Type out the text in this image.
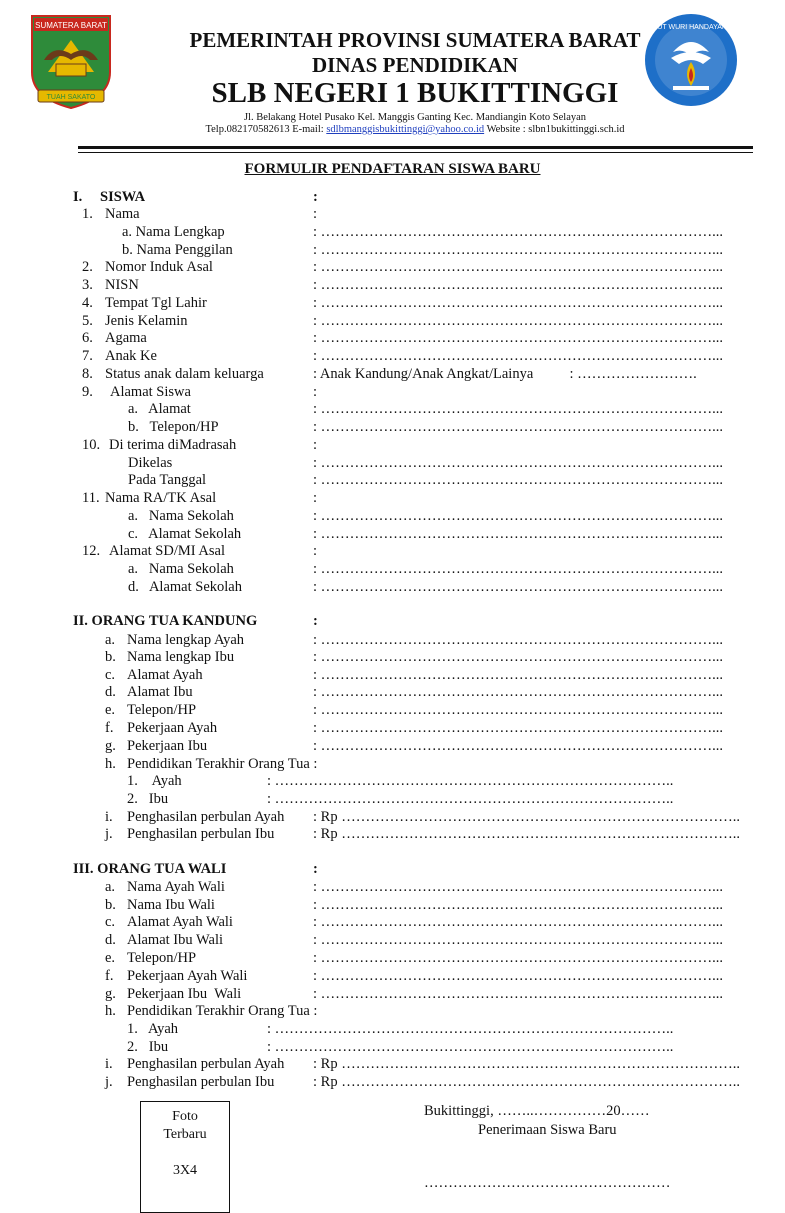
SUMATERA BARAT
TUAH SAKATO
TUT WURI HANDAYANI
PEMERINTAH PROVINSI SUMATERA BARAT
DINAS PENDIDIKAN
SLB NEGERI 1 BUKITTINGGI
Jl. Belakang Hotel Pusako Kel. Manggis Ganting Kec. Mandiangin Koto Selayan
Telp.082170582613 E-mail: sdlbmanggisbukittinggi@yahoo.co.id Website : slbn1bukittinggi.sch.id
FORMULIR PENDAFTARAN SISWA BARU
I. SISWA	:
1. Nama	:
a. Nama Lengkap	: ………………………………………………………………………...
b. Nama Penggilan	: ………………………………………………………………………...
2. Nomor Induk Asal	: ………………………………………………………………………...
3. NISN	: ………………………………………………………………………...
4. Tempat Tgl Lahir	: ………………………………………………………………………...
5. Jenis Kelamin	: ………………………………………………………………………...
6. Agama	: ………………………………………………………………………...
7. Anak Ke	: ………………………………………………………………………...
8. Status anak dalam keluarga	: Anak Kandung/Anak Angkat/Lainya          : …………………….
9. Alamat Siswa	:
a.   Alamat	: ………………………………………………………………………...
b.   Telepon/HP	: ………………………………………………………………………...
10. Di terima diMadrasah	:
Dikelas	: ………………………………………………………………………...
Pada Tanggal	: ………………………………………………………………………...
11. Nama RA/TK Asal	:
a.   Nama Sekolah	: ………………………………………………………………………...
c.   Alamat Sekolah	: ………………………………………………………………………...
12. Alamat SD/MI Asal	:
a.   Nama Sekolah	: ………………………………………………………………………...
d.   Alamat Sekolah	: ………………………………………………………………………...
II. ORANG TUA KANDUNG	:
a. Nama lengkap Ayah	: ………………………………………………………………………...
b. Nama lengkap Ibu	: ………………………………………………………………………...
c. Alamat Ayah	: ………………………………………………………………………...
d. Alamat Ibu	: ………………………………………………………………………...
e. Telepon/HP	: ………………………………………………………………………...
f. Pekerjaan Ayah	: ………………………………………………………………………...
g. Pekerjaan Ibu	: ………………………………………………………………………...
h. Pendidikan Terakhir Orang Tua :
1.    Ayah	: ………………………………………………………………………..
2.   Ibu	: ………………………………………………………………………..
i. Penghasilan perbulan Ayah : Rp ………………………………………………………………………..
j. Penghasilan perbulan Ibu	: Rp ………………………………………………………………………..
III. ORANG TUA WALI	:
a. Nama Ayah Wali	: ………………………………………………………………………...
b. Nama Ibu Wali	: ………………………………………………………………………...
c. Alamat Ayah Wali	: ………………………………………………………………………...
d. Alamat Ibu Wali	: ………………………………………………………………………...
e. Telepon/HP	: ………………………………………………………………………...
f. Pekerjaan Ayah Wali	: ………………………………………………………………………...
g. Pekerjaan Ibu  Wali	: ………………………………………………………………………...
h. Pendidikan Terakhir Orang Tua :
1.   Ayah	: ………………………………………………………………………..
2.   Ibu	: ………………………………………………………………………..
i. Penghasilan perbulan Ayah : Rp ………………………………………………………………………..
j. Penghasilan perbulan Ibu	: Rp ………………………………………………………………………..
Foto
Terbaru
3X4
Bukittinggi, ……..……………20……
Penerimaan Siswa Baru
……………………………………………
